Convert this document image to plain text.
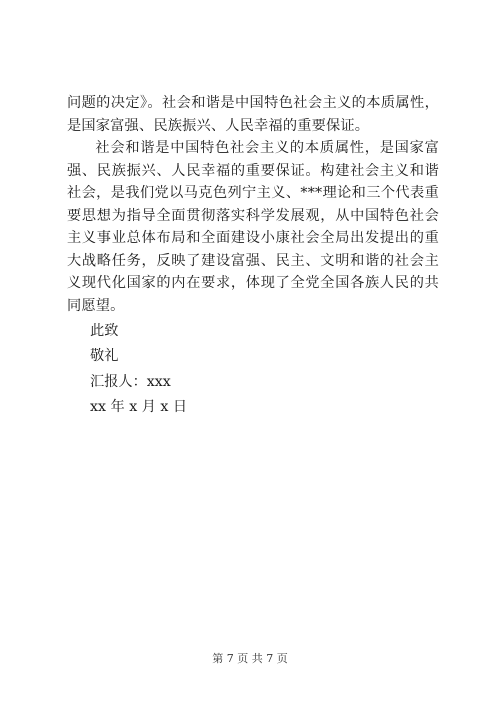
问题的决定》。社会和谐是中国特色社会主义的本质属性，是国家富强、民族振兴、人民幸福的重要保证。

社会和谐是中国特色社会主义的本质属性，是国家富强、民族振兴、人民幸福的重要保证。构建社会主义和谐社会，是我们党以马克色列宁主义、***理论和三个代表重要思想为指导全面贯彻落实科学发展观，从中国特色社会主义事业总体布局和全面建设小康社会全局出发提出的重大战略任务，反映了建设富强、民主、文明和谐的社会主义现代化国家的内在要求，体现了全党全国各族人民的共同愿望。

此致
敬礼
汇报人：xxx
xx 年 x 月 x 日
第 7 页 共 7 页
